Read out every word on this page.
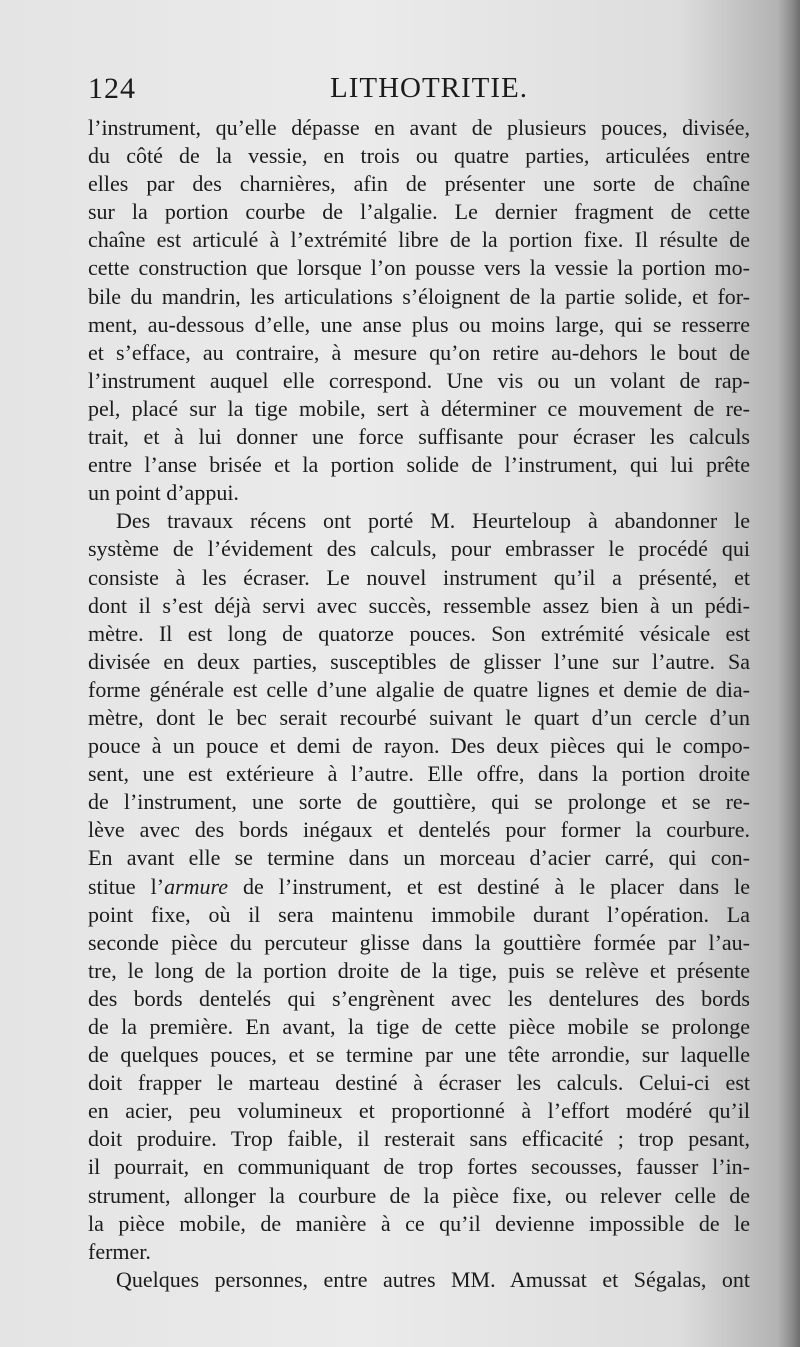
124	LITHOTRITIE.
l’instrument, qu’elle dépasse en avant de plusieurs pouces, divisée,
du côté de la vessie, en trois ou quatre parties, articulées entre
elles par des charnières, afin de présenter une sorte de chaîne
sur la portion courbe de l’algalie. Le dernier fragment de cette
chaîne est articulé à l’extrémité libre de la portion fixe. Il résulte de
cette construction que lorsque l’on pousse vers la vessie la portion mo-
bile du mandrin, les articulations s’éloignent de la partie solide, et for-
ment, au-dessous d’elle, une anse plus ou moins large, qui se resserre
et s’efface, au contraire, à mesure qu’on retire au-dehors le bout de
l’instrument auquel elle correspond. Une vis ou un volant de rap-
pel, placé sur la tige mobile, sert à déterminer ce mouvement de re-
trait, et à lui donner une force suffisante pour écraser les calculs
entre l’anse brisée et la portion solide de l’instrument, qui lui prête
un point d’appui.
Des travaux récens ont porté M. Heurteloup à abandonner le
système de l’évidement des calculs, pour embrasser le procédé qui
consiste à les écraser. Le nouvel instrument qu’il a présenté, et
dont il s’est déjà servi avec succès, ressemble assez bien à un pédi-
mètre. Il est long de quatorze pouces. Son extrémité vésicale est
divisée en deux parties, susceptibles de glisser l’une sur l’autre. Sa
forme générale est celle d’une algalie de quatre lignes et demie de dia-
mètre, dont le bec serait recourbé suivant le quart d’un cercle d’un
pouce à un pouce et demi de rayon. Des deux pièces qui le compo-
sent, une est extérieure à l’autre. Elle offre, dans la portion droite
de l’instrument, une sorte de gouttière, qui se prolonge et se re-
lève avec des bords inégaux et dentelés pour former la courbure.
En avant elle se termine dans un morceau d’acier carré, qui con-
stitue l’armure de l’instrument, et est destiné à le placer dans le
point fixe, où il sera maintenu immobile durant l’opération. La
seconde pièce du percuteur glisse dans la gouttière formée par l’au-
tre, le long de la portion droite de la tige, puis se relève et présente
des bords dentelés qui s’engrènent avec les dentelures des bords
de la première. En avant, la tige de cette pièce mobile se prolonge
de quelques pouces, et se termine par une tête arrondie, sur laquelle
doit frapper le marteau destiné à écraser les calculs. Celui-ci est
en acier, peu volumineux et proportionné à l’effort modéré qu’il
doit produire. Trop faible, il resterait sans efficacité ; trop pesant,
il pourrait, en communiquant de trop fortes secousses, fausser l’in-
strument, allonger la courbure de la pièce fixe, ou relever celle de
la pièce mobile, de manière à ce qu’il devienne impossible de le
fermer.
Quelques personnes, entre autres MM. Amussat et Ségalas, ont
